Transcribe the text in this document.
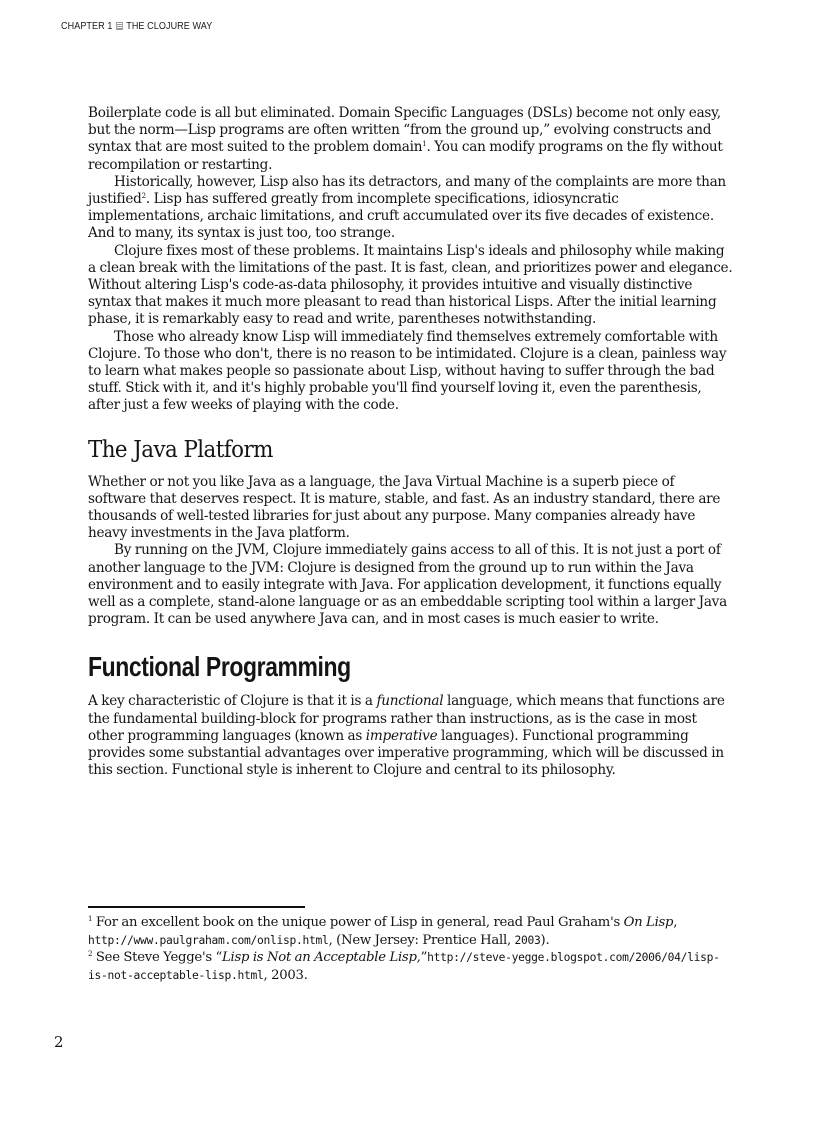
CHAPTER 1 THE CLOJURE WAY

Boilerplate code is all but eliminated. Domain Specific Languages (DSLs) become not only easy, but the norm—Lisp programs are often written “from the ground up,” evolving constructs and syntax that are most suited to the problem domain$^1$. You can modify programs on the fly without recompilation or restarting.

Historically, however, Lisp also has its detractors, and many of the complaints are more than justified$^2$. Lisp has suffered greatly from incomplete specifications, idiosyncratic implementations, archaic limitations, and cruft accumulated over its five decades of existence. And to many, its syntax is just too, too strange.

Clojure fixes most of these problems. It maintains Lisp's ideals and philosophy while making a clean break with the limitations of the past. It is fast, clean, and prioritizes power and elegance. Without altering Lisp's code-as-data philosophy, it provides intuitive and visually distinctive syntax that makes it much more pleasant to read than historical Lisps. After the initial learning phase, it is remarkably easy to read and write, parentheses notwithstanding.

Those who already know Lisp will immediately find themselves extremely comfortable with Clojure. To those who don't, there is no reason to be intimidated. Clojure is a clean, painless way to learn what makes people so passionate about Lisp, without having to suffer through the bad stuff. Stick with it, and it's highly probable you'll find yourself loving it, even the parenthesis, after just a few weeks of playing with the code.

The Java Platform

Whether or not you like Java as a language, the Java Virtual Machine is a superb piece of software that deserves respect. It is mature, stable, and fast. As an industry standard, there are thousands of well-tested libraries for just about any purpose. Many companies already have heavy investments in the Java platform.

By running on the JVM, Clojure immediately gains access to all of this. It is not just a port of another language to the JVM: Clojure is designed from the ground up to run within the Java environment and to easily integrate with Java. For application development, it functions equally well as a complete, stand-alone language or as an embeddable scripting tool within a larger Java program. It can be used anywhere Java can, and in most cases is much easier to write.

Functional Programming

A key characteristic of Clojure is that it is a functional language, which means that functions are the fundamental building-block for programs rather than instructions, as is the case in most other programming languages (known as imperative languages). Functional programming provides some substantial advantages over imperative programming, which will be discussed in this section. Functional style is inherent to Clojure and central to its philosophy.

$^1$ For an excellent book on the unique power of Lisp in general, read Paul Graham's On Lisp, http://www.paulgraham.com/onlisp.html, (New Jersey: Prentice Hall, 2003).

$^2$ See Steve Yegge's “Lisp is Not an Acceptable Lisp,”http://steve-yegge.blogspot.com/2006/04/lisp-is-not-acceptable-lisp.html, 2003.

2
